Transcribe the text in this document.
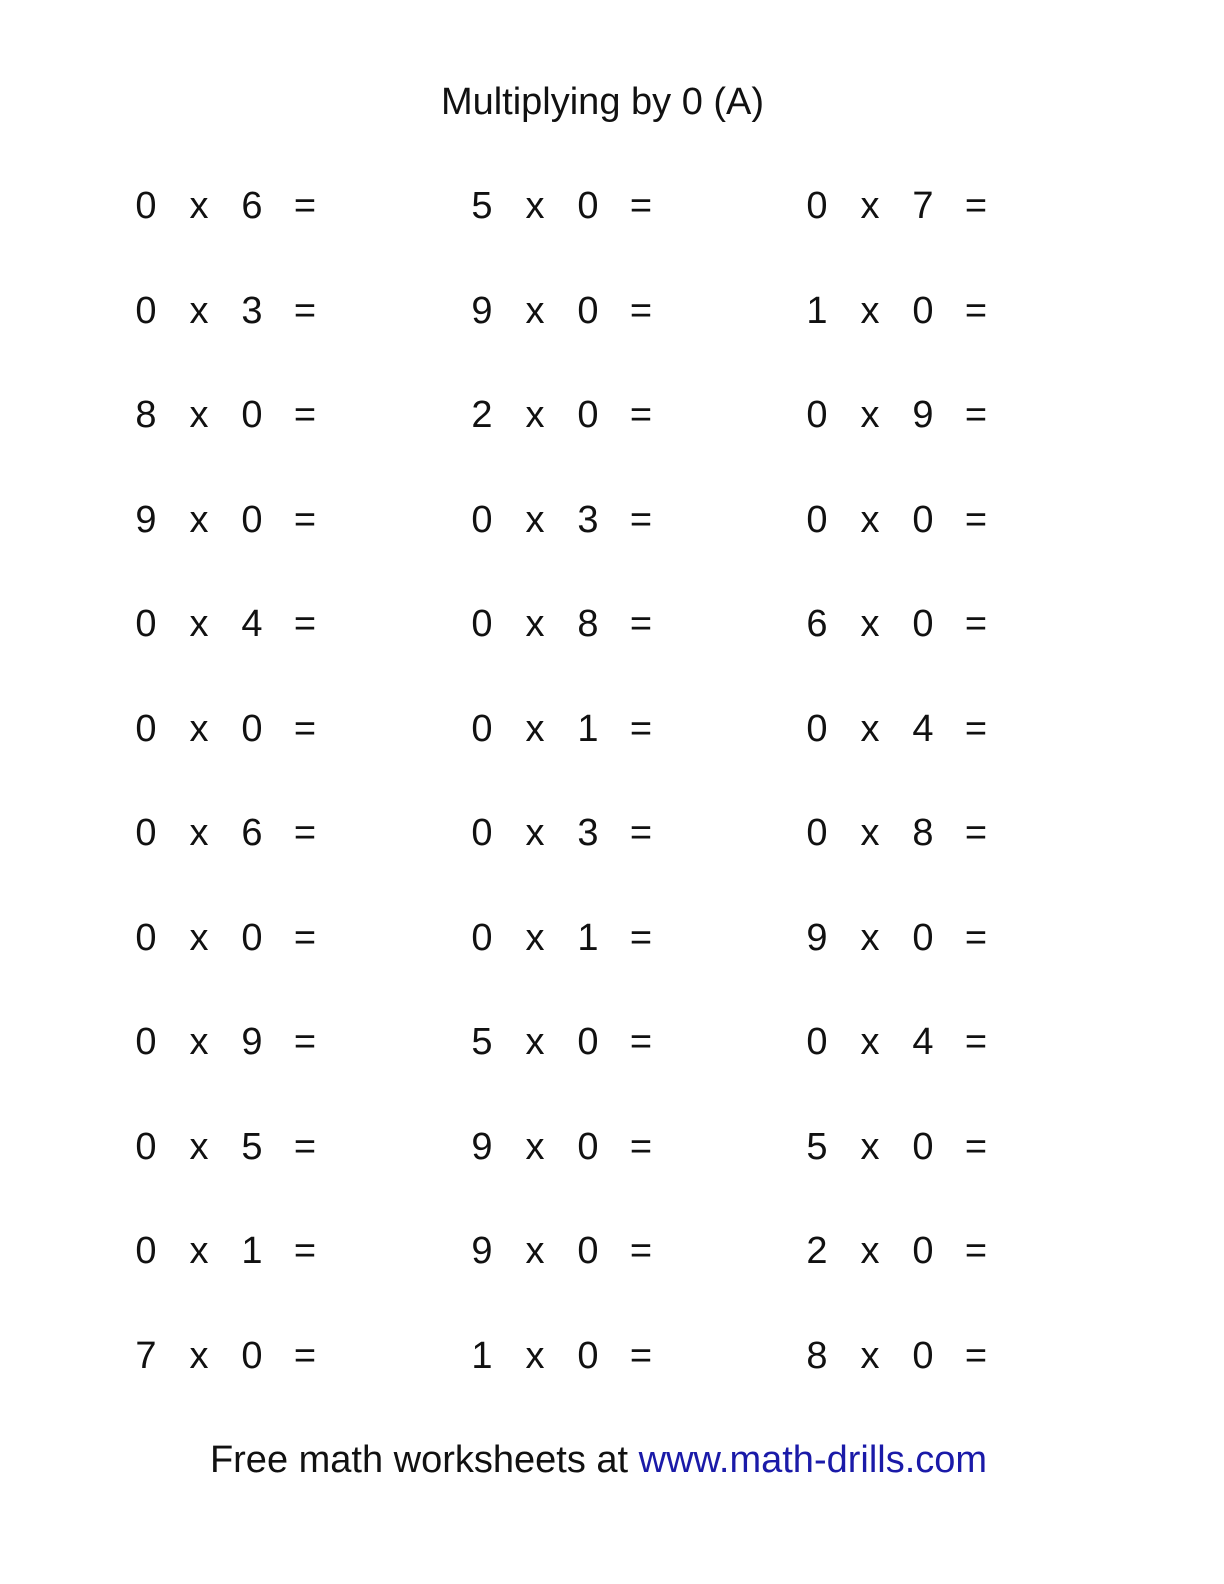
Multiplying by 0 (A)
0 x 6 =	5 x 0 =	0 x 7 =
0 x 3 =	9 x 0 =	1 x 0 =
8 x 0 =	2 x 0 =	0 x 9 =
9 x 0 =	0 x 3 =	0 x 0 =
0 x 4 =	0 x 8 =	6 x 0 =
0 x 0 =	0 x 1 =	0 x 4 =
0 x 6 =	0 x 3 =	0 x 8 =
0 x 0 =	0 x 1 =	9 x 0 =
0 x 9 =	5 x 0 =	0 x 4 =
0 x 5 =	9 x 0 =	5 x 0 =
0 x 1 =	9 x 0 =	2 x 0 =
7 x 0 =	1 x 0 =	8 x 0 =
Free math worksheets at www.math-drills.com
